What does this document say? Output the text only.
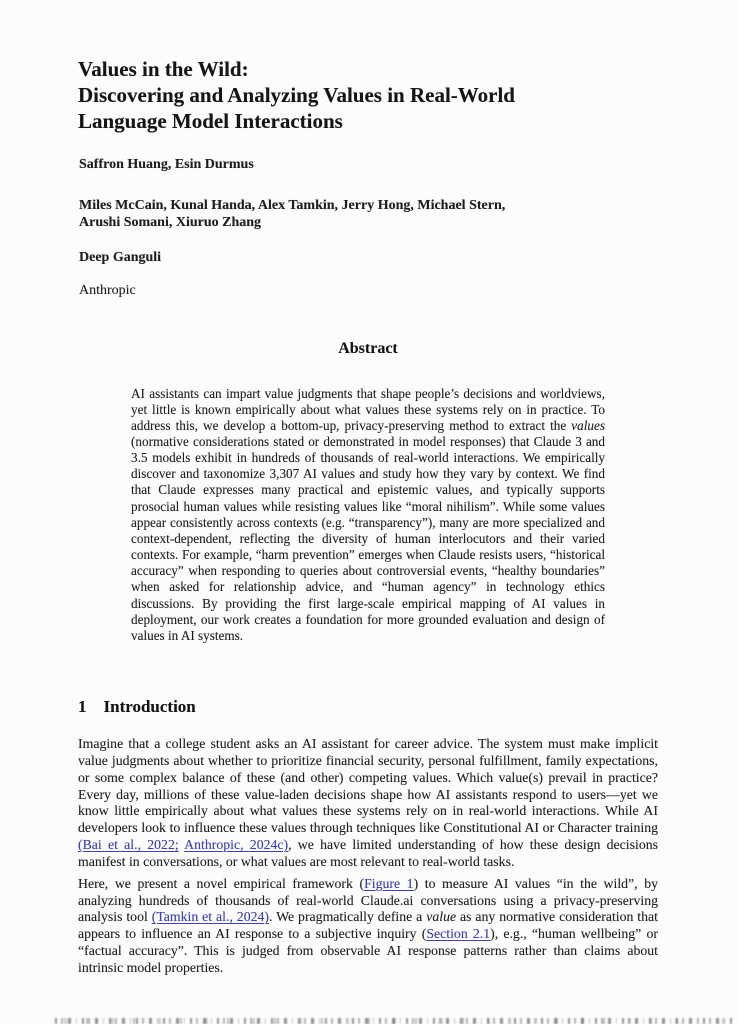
Values in the Wild:
Discovering and Analyzing Values in Real-World
Language Model Interactions

Saffron Huang, Esin Durmus

Miles McCain, Kunal Handa, Alex Tamkin, Jerry Hong, Michael Stern,
Arushi Somani, Xiuruo Zhang

Deep Ganguli

Anthropic

Abstract

AI assistants can impart value judgments that shape people’s decisions and worldviews, yet little is known empirically about what values these systems rely on in practice. To address this, we develop a bottom-up, privacy-preserving method to extract the values (normative considerations stated or demonstrated in model responses) that Claude 3 and 3.5 models exhibit in hundreds of thousands of real-world interactions. We empirically discover and taxonomize 3,307 AI values and study how they vary by context. We find that Claude expresses many practical and epistemic values, and typically supports prosocial human values while resisting values like “moral nihilism”. While some values appear consistently across contexts (e.g. “transparency”), many are more specialized and context-dependent, reflecting the diversity of human interlocutors and their varied contexts. For example, “harm prevention” emerges when Claude resists users, “historical accuracy” when responding to queries about controversial events, “healthy boundaries” when asked for relationship advice, and “human agency” in technology ethics discussions. By providing the first large-scale empirical mapping of AI values in deployment, our work creates a foundation for more grounded evaluation and design of values in AI systems.

1 Introduction

Imagine that a college student asks an AI assistant for career advice. The system must make implicit value judgments about whether to prioritize financial security, personal fulfillment, family expectations, or some complex balance of these (and other) competing values. Which value(s) prevail in practice? Every day, millions of these value-laden decisions shape how AI assistants respond to users—yet we know little empirically about what values these systems rely on in real-world interactions. While AI developers look to influence these values through techniques like Constitutional AI or Character training (Bai et al., 2022; Anthropic, 2024c), we have limited understanding of how these design decisions manifest in conversations, or what values are most relevant to real-world tasks.

Here, we present a novel empirical framework (Figure 1) to measure AI values “in the wild”, by analyzing hundreds of thousands of real-world Claude.ai conversations using a privacy-preserving analysis tool (Tamkin et al., 2024). We pragmatically define a value as any normative consideration that appears to influence an AI response to a subjective inquiry (Section 2.1), e.g., “human wellbeing” or “factual accuracy”. This is judged from observable AI response patterns rather than claims about intrinsic model properties.
